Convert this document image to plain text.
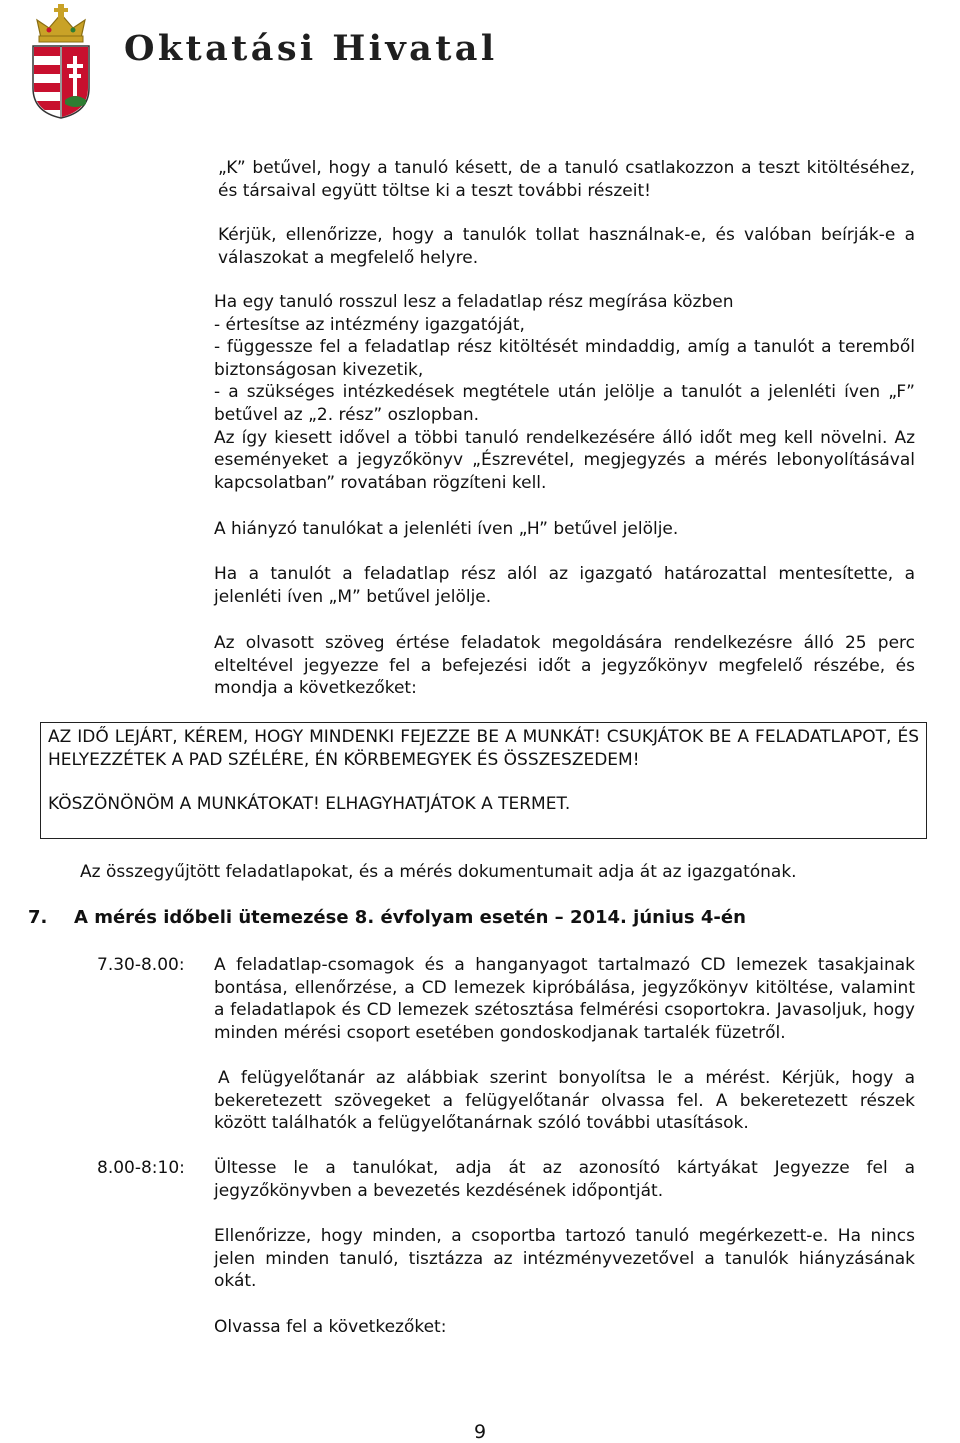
Oktatási Hivatal

„K” betűvel, hogy a tanuló késett, de a tanuló csatlakozzon a teszt kitöltéséhez, és társaival együtt töltse ki a teszt további részeit!

Kérjük, ellenőrizze, hogy a tanulók tollat használnak-e, és valóban beírják-e a válaszokat a megfelelő helyre.

Ha egy tanuló rosszul lesz a feladatlap rész megírása közben
- értesítse az intézmény igazgatóját,
- függessze fel a feladatlap rész kitöltését mindaddig, amíg a tanulót a teremből biztonságosan kivezetik,
- a szükséges intézkedések megtétele után jelölje a tanulót a jelenléti íven „F” betűvel az „2. rész” oszlopban.
Az így kiesett idővel a többi tanuló rendelkezésére álló időt meg kell növelni. Az eseményeket a jegyzőkönyv „Észrevétel, megjegyzés a mérés lebonyolításával kapcsolatban” rovatában rögzíteni kell.

A hiányzó tanulókat a jelenléti íven „H” betűvel jelölje.

Ha a tanulót a feladatlap rész alól az igazgató határozattal mentesítette, a jelenléti íven „M” betűvel jelölje.

Az olvasott szöveg értése feladatok megoldására rendelkezésre álló 25 perc elteltével jegyezze fel a befejezési időt a jegyzőkönyv megfelelő részébe, és mondja a következőket:

AZ IDŐ LEJÁRT, KÉREM, HOGY MINDENKI FEJEZZE BE A MUNKÁT! CSUKJÁTOK BE A FELADATLAPOT, ÉS HELYEZZÉTEK A PAD SZÉLÉRE, ÉN KÖRBEMEGYEK ÉS ÖSSZESZEDEM!

KÖSZÖNÖNÖM A MUNKÁTOKAT! ELHAGYHATJÁTOK A TERMET.

Az összegyűjtött feladatlapokat, és a mérés dokumentumait adja át az igazgatónak.

7. A mérés időbeli ütemezése 8. évfolyam esetén – 2014. június 4-én
7.30-8.00: A feladatlap-csomagok és a hanganyagot tartalmazó CD lemezek tasakjainak bontása, ellenőrzése, a CD lemezek kipróbálása, jegyzőkönyv kitöltése, valamint a feladatlapok és CD lemezek szétosztása felmérési csoportokra. Javasoljuk, hogy minden mérési csoport esetében gondoskodjanak tartalék füzetről.

A felügyelőtanár az alábbiak szerint bonyolítsa le a mérést. Kérjük, hogy a bekeretezett szövegeket a felügyelőtanár olvassa fel. A bekeretezett részek között találhatók a felügyelőtanárnak szóló további utasítások.

8.00-8:10: Ültesse le a tanulókat, adja át az azonosító kártyákat Jegyezze fel a jegyzőkönyvben a bevezetés kezdésének időpontját.

Ellenőrizze, hogy minden, a csoportba tartozó tanuló megérkezett-e. Ha nincs jelen minden tanuló, tisztázza az intézményvezetővel a tanulók hiányzásának okát.

Olvassa fel a következőket:

9
